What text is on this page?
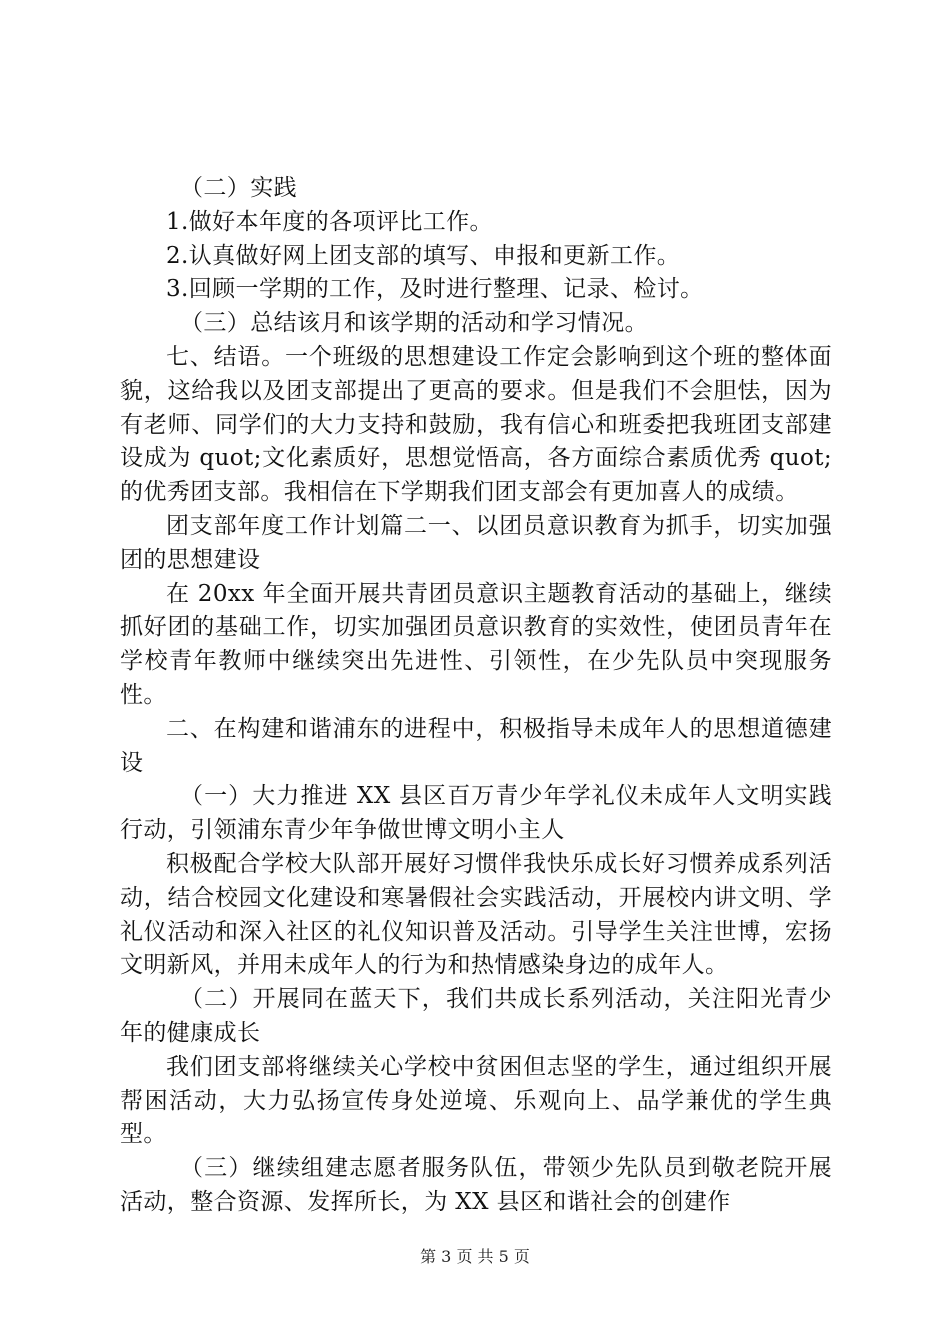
（二）实践

1.做好本年度的各项评比工作。

2.认真做好网上团支部的填写、申报和更新工作。

3.回顾一学期的工作，及时进行整理、记录、检讨。

（三）总结该月和该学期的活动和学习情况。

七、结语。一个班级的思想建设工作定会影响到这个班的整体面貌，这给我以及团支部提出了更高的要求。但是我们不会胆怯，因为有老师、同学们的大力支持和鼓励，我有信心和班委把我班团支部建设成为 quot;文化素质好，思想觉悟高，各方面综合素质优秀 quot;的优秀团支部。我相信在下学期我们团支部会有更加喜人的成绩。

团支部年度工作计划篇二一、以团员意识教育为抓手，切实加强团的思想建设

在 20xx 年全面开展共青团员意识主题教育活动的基础上，继续抓好团的基础工作，切实加强团员意识教育的实效性，使团员青年在学校青年教师中继续突出先进性、引领性，在少先队员中突现服务性。

二、在构建和谐浦东的进程中，积极指导未成年人的思想道德建设

（一）大力推进 XX 县区百万青少年学礼仪未成年人文明实践行动，引领浦东青少年争做世博文明小主人

积极配合学校大队部开展好习惯伴我快乐成长好习惯养成系列活动，结合校园文化建设和寒暑假社会实践活动，开展校内讲文明、学礼仪活动和深入社区的礼仪知识普及活动。引导学生关注世博，宏扬文明新风，并用未成年人的行为和热情感染身边的成年人。

（二）开展同在蓝天下，我们共成长系列活动，关注阳光青少年的健康成长

我们团支部将继续关心学校中贫困但志坚的学生，通过组织开展帮困活动，大力弘扬宣传身处逆境、乐观向上、品学兼优的学生典型。

（三）继续组建志愿者服务队伍，带领少先队员到敬老院开展活动，整合资源、发挥所长，为 XX 县区和谐社会的创建作

第 3 页 共 5 页
